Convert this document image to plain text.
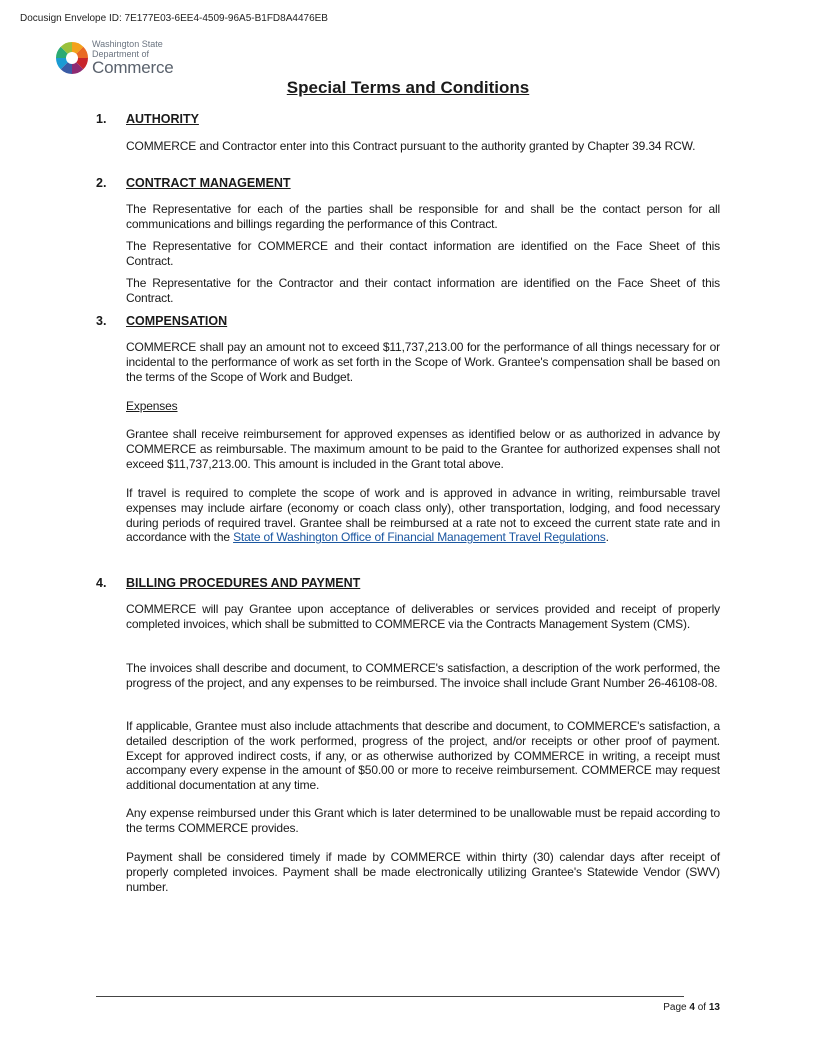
Docusign Envelope ID: 7E177E03-6EE4-4509-96A5-B1FD8A4476EB
Washington State
Department of
Commerce
Special Terms and Conditions
1. AUTHORITY
COMMERCE and Contractor enter into this Contract pursuant to the authority granted by Chapter 39.34 RCW.
2. CONTRACT MANAGEMENT
The Representative for each of the parties shall be responsible for and shall be the contact person for all communications and billings regarding the performance of this Contract.
The Representative for COMMERCE and their contact information are identified on the Face Sheet of this Contract.
The Representative for the Contractor and their contact information are identified on the Face Sheet of this Contract.
3. COMPENSATION
COMMERCE shall pay an amount not to exceed $11,737,213.00 for the performance of all things necessary for or incidental to the performance of work as set forth in the Scope of Work. Grantee's compensation shall be based on the terms of the Scope of Work and Budget.
Expenses
Grantee shall receive reimbursement for approved expenses as identified below or as authorized in advance by COMMERCE as reimbursable. The maximum amount to be paid to the Grantee for authorized expenses shall not exceed $11,737,213.00. This amount is included in the Grant total above.
If travel is required to complete the scope of work and is approved in advance in writing, reimbursable travel expenses may include airfare (economy or coach class only), other transportation, lodging, and food necessary during periods of required travel. Grantee shall be reimbursed at a rate not to exceed the current state rate and in accordance with the State of Washington Office of Financial Management Travel Regulations.
4. BILLING PROCEDURES AND PAYMENT
COMMERCE will pay Grantee upon acceptance of deliverables or services provided and receipt of properly completed invoices, which shall be submitted to COMMERCE via the Contracts Management System (CMS).
The invoices shall describe and document, to COMMERCE's satisfaction, a description of the work performed, the progress of the project, and any expenses to be reimbursed. The invoice shall include Grant Number 26-46108-08.
If applicable, Grantee must also include attachments that describe and document, to COMMERCE's satisfaction, a detailed description of the work performed, progress of the project, and/or receipts or other proof of payment. Except for approved indirect costs, if any, or as otherwise authorized by COMMERCE in writing, a receipt must accompany every expense in the amount of $50.00 or more to receive reimbursement. COMMERCE may request additional documentation at any time.
Any expense reimbursed under this Grant which is later determined to be unallowable must be repaid according to the terms COMMERCE provides.
Payment shall be considered timely if made by COMMERCE within thirty (30) calendar days after receipt of properly completed invoices. Payment shall be made electronically utilizing Grantee's Statewide Vendor (SWV) number.
Page 4 of 13
